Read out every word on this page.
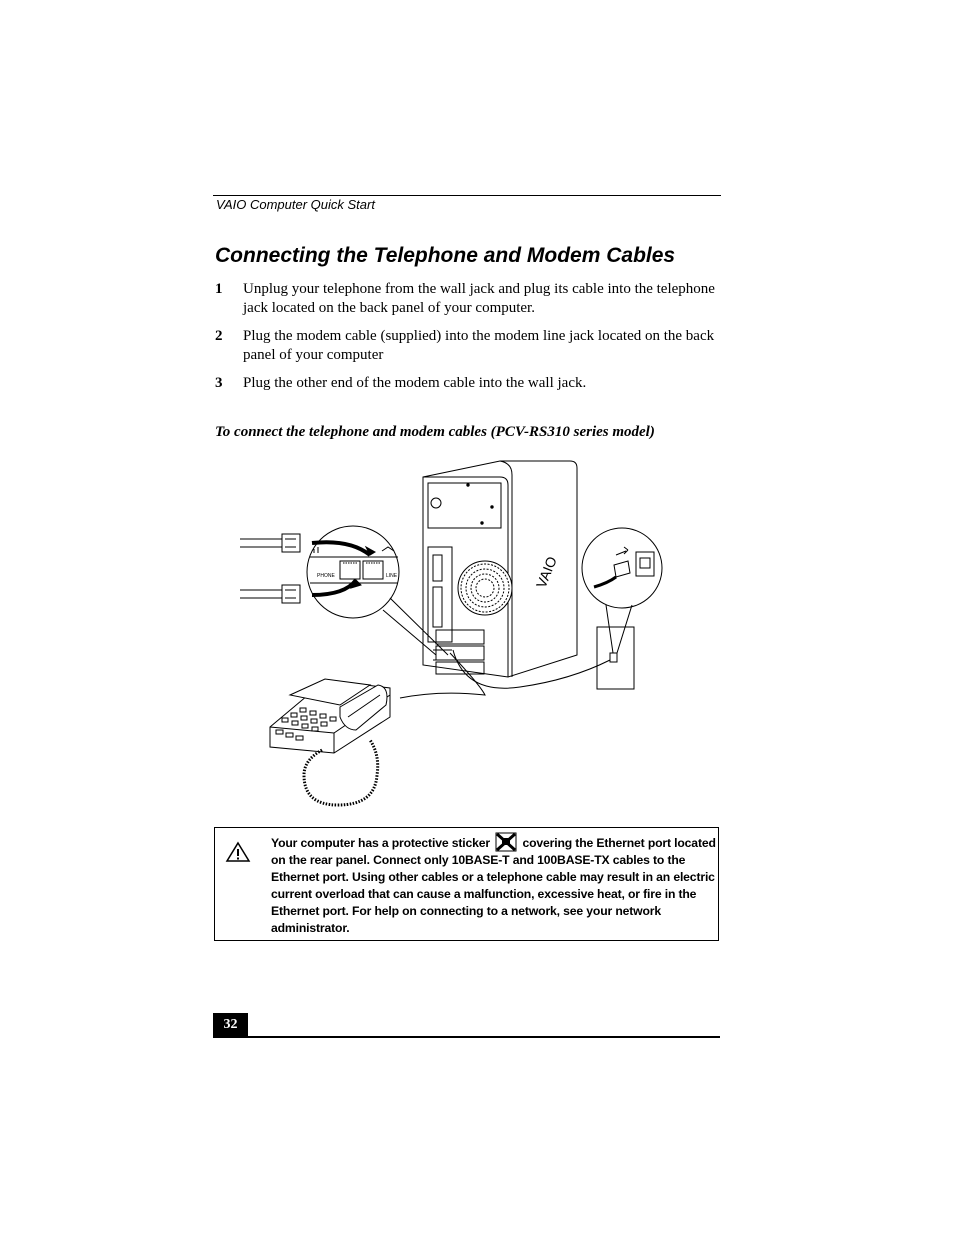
VAIO Computer Quick Start
Connecting the Telephone and Modem Cables
1	Unplug your telephone from the wall jack and plug its cable into the telephone jack located on the back panel of your computer.
2	Plug the modem cable (supplied) into the modem line jack located on the back panel of your computer
3	Plug the other end of the modem cable into the wall jack.
To connect the telephone and modem cables (PCV-RS310 series model)
VAIO
PHONE	LINE
Your computer has a protective sticker	covering the Ethernet port located on the rear panel. Connect only 10BASE-T and 100BASE-TX cables to the Ethernet port. Using other cables or a telephone cable may result in an electric current overload that can cause a malfunction, excessive heat, or fire in the Ethernet port. For help on connecting to a network, see your network administrator.
32
